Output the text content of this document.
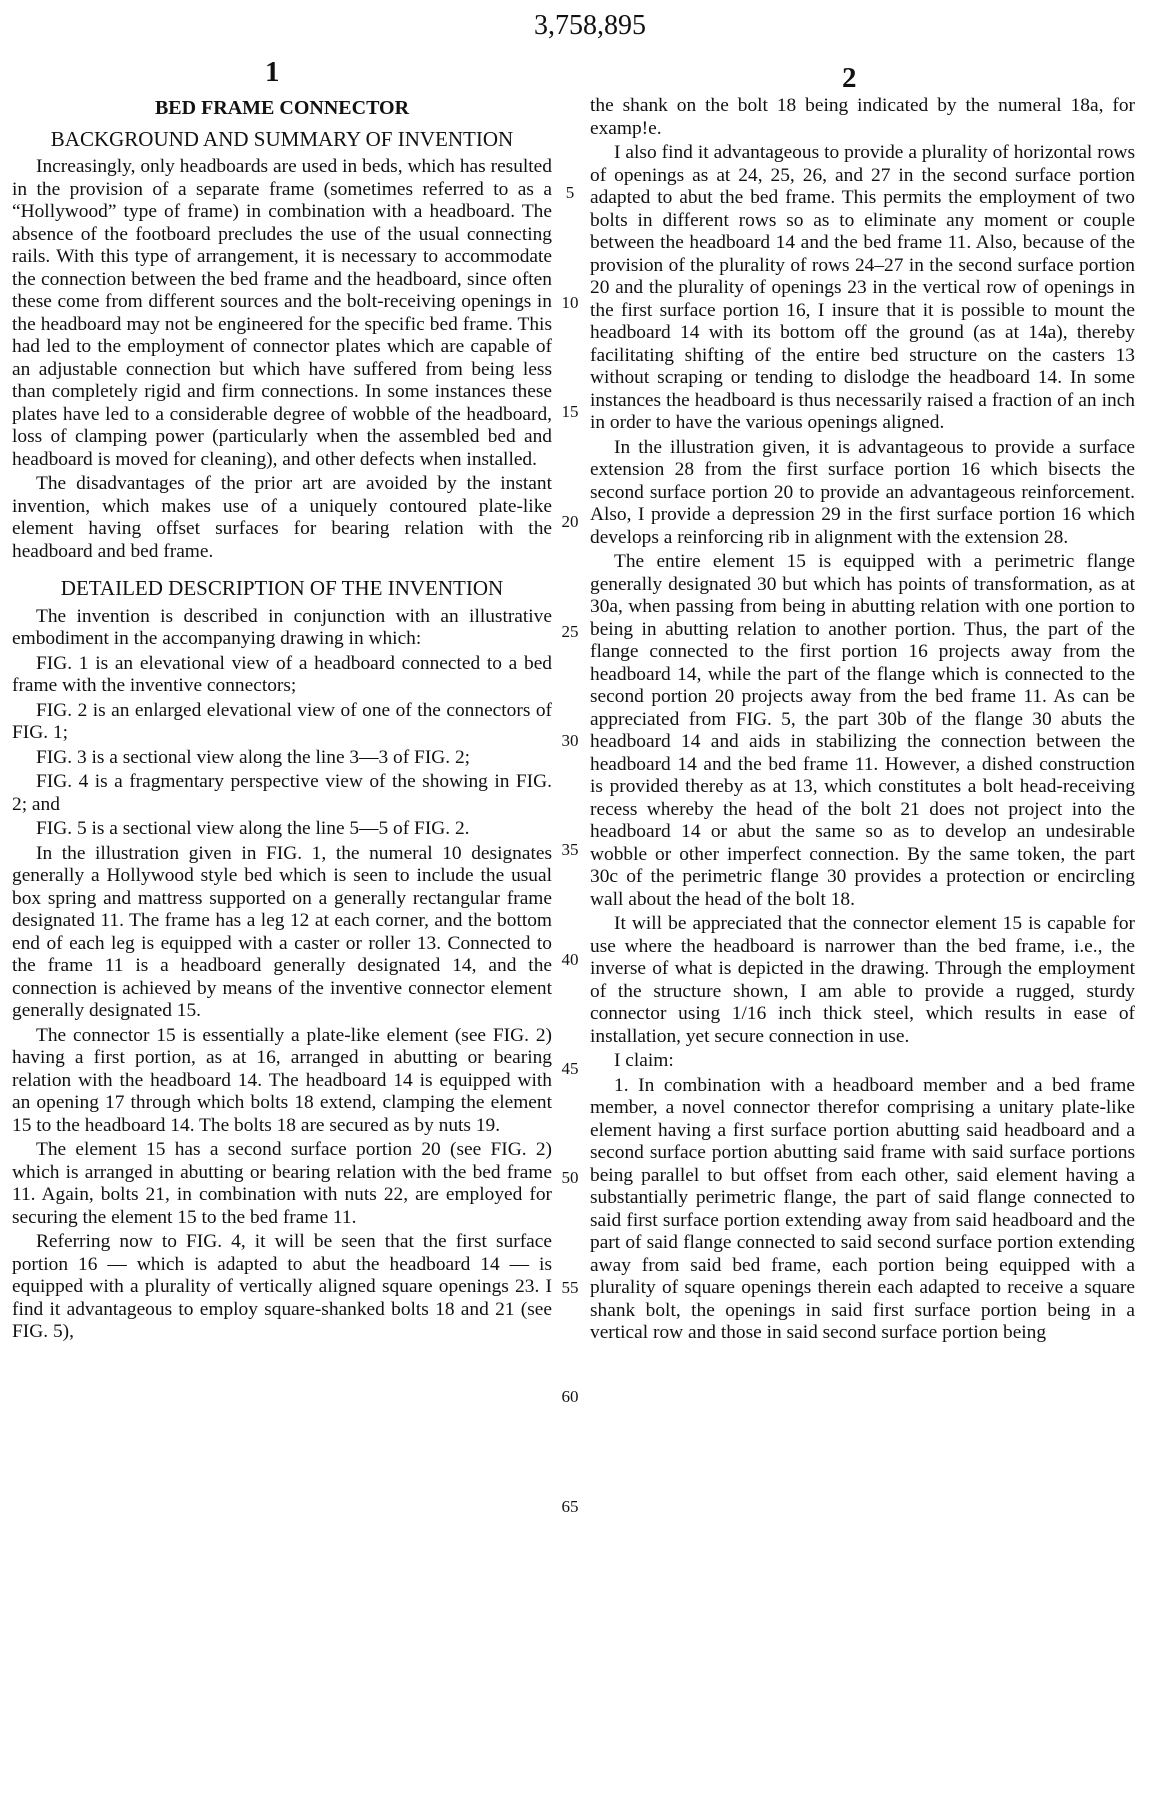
3,758,895
1	2
BED FRAME CONNECTOR
BACKGROUND AND SUMMARY OF INVENTION

Increasingly, only headboards are used in beds, which has resulted in the provision of a separate frame (sometimes referred to as a “Hollywood” type of frame) in combination with a headboard. The absence of the footboard precludes the use of the usual connecting rails. With this type of arrangement, it is necessary to accommodate the connection between the bed frame and the headboard, since often these come from different sources and the bolt-receiving openings in the headboard may not be engineered for the specific bed frame. This had led to the employment of connector plates which are capable of an adjustable connection but which have suffered from being less than completely rigid and firm connections. In some instances these plates have led to a considerable degree of wobble of the headboard, loss of clamping power (particularly when the assembled bed and headboard is moved for cleaning), and other defects when installed.

The disadvantages of the prior art are avoided by the instant invention, which makes use of a uniquely contoured plate-like element having offset surfaces for bearing relation with the headboard and bed frame.

DETAILED DESCRIPTION OF THE INVENTION

The invention is described in conjunction with an illustrative embodiment in the accompanying drawing in which:

FIG. 1 is an elevational view of a headboard connected to a bed frame with the inventive connectors;

FIG. 2 is an enlarged elevational view of one of the connectors of FIG. 1;

FIG. 3 is a sectional view along the line 3—3 of FIG. 2;

FIG. 4 is a fragmentary perspective view of the showing in FIG. 2; and

FIG. 5 is a sectional view along the line 5—5 of FIG. 2.

In the illustration given in FIG. 1, the numeral 10 designates generally a Hollywood style bed which is seen to include the usual box spring and mattress supported on a generally rectangular frame designated 11. The frame has a leg 12 at each corner, and the bottom end of each leg is equipped with a caster or roller 13. Connected to the frame 11 is a headboard generally designated 14, and the connection is achieved by means of the inventive connector element generally designated 15.

The connector 15 is essentially a plate-like element (see FIG. 2) having a first portion, as at 16, arranged in abutting or bearing relation with the headboard 14. The headboard 14 is equipped with an opening 17 through which bolts 18 extend, clamping the element 15 to the headboard 14. The bolts 18 are secured as by nuts 19.

The element 15 has a second surface portion 20 (see FIG. 2) which is arranged in abutting or bearing relation with the bed frame 11. Again, bolts 21, in combination with nuts 22, are employed for securing the element 15 to the bed frame 11.

Referring now to FIG. 4, it will be seen that the first surface portion 16 — which is adapted to abut the headboard 14 — is equipped with a plurality of vertically aligned square openings 23. I find it advantageous to employ square-shanked bolts 18 and 21 (see FIG. 5),

the shank on the bolt 18 being indicated by the numeral 18a, for examp!e.

I also find it advantageous to provide a plurality of horizontal rows of openings as at 24, 25, 26, and 27 in the second surface portion adapted to abut the bed frame. This permits the employment of two bolts in different rows so as to eliminate any moment or couple between the headboard 14 and the bed frame 11. Also, because of the provision of the plurality of rows 24–27 in the second surface portion 20 and the plurality of openings 23 in the vertical row of openings in the first surface portion 16, I insure that it is possible to mount the headboard 14 with its bottom off the ground (as at 14a), thereby facilitating shifting of the entire bed structure on the casters 13 without scraping or tending to dislodge the headboard 14. In some instances the headboard is thus necessarily raised a fraction of an inch in order to have the various openings aligned.

In the illustration given, it is advantageous to provide a surface extension 28 from the first surface portion 16 which bisects the second surface portion 20 to provide an advantageous reinforcement. Also, I provide a depression 29 in the first surface portion 16 which develops a reinforcing rib in alignment with the extension 28.

The entire element 15 is equipped with a perimetric flange generally designated 30 but which has points of transformation, as at 30a, when passing from being in abutting relation with one portion to being in abutting relation to another portion. Thus, the part of the flange connected to the first portion 16 projects away from the headboard 14, while the part of the flange which is connected to the second portion 20 projects away from the bed frame 11. As can be appreciated from FIG. 5, the part 30b of the flange 30 abuts the headboard 14 and aids in stabilizing the connection between the headboard 14 and the bed frame 11. However, a dished construction is provided thereby as at 13, which constitutes a bolt head-receiving recess whereby the head of the bolt 21 does not project into the headboard 14 or abut the same so as to develop an undesirable wobble or other imperfect connection. By the same token, the part 30c of the perimetric flange 30 provides a protection or encircling wall about the head of the bolt 18.

It will be appreciated that the connector element 15 is capable for use where the headboard is narrower than the bed frame, i.e., the inverse of what is depicted in the drawing. Through the employment of the structure shown, I am able to provide a rugged, sturdy connector using 1/16 inch thick steel, which results in ease of installation, yet secure connection in use.

I claim:

1. In combination with a headboard member and a bed frame member, a novel connector therefor comprising a unitary plate-like element having a first surface portion abutting said headboard and a second surface portion abutting said frame with said surface portions being parallel to but offset from each other, said element having a substantially perimetric flange, the part of said flange connected to said first surface portion extending away from said headboard and the part of said flange connected to said second surface portion extending away from said bed frame, each portion being equipped with a plurality of square openings therein each adapted to receive a square shank bolt, the openings in said first surface portion being in a vertical row and those in said second surface portion being

5
10
15
20
25
30
35
40
45
50
55
60
65
